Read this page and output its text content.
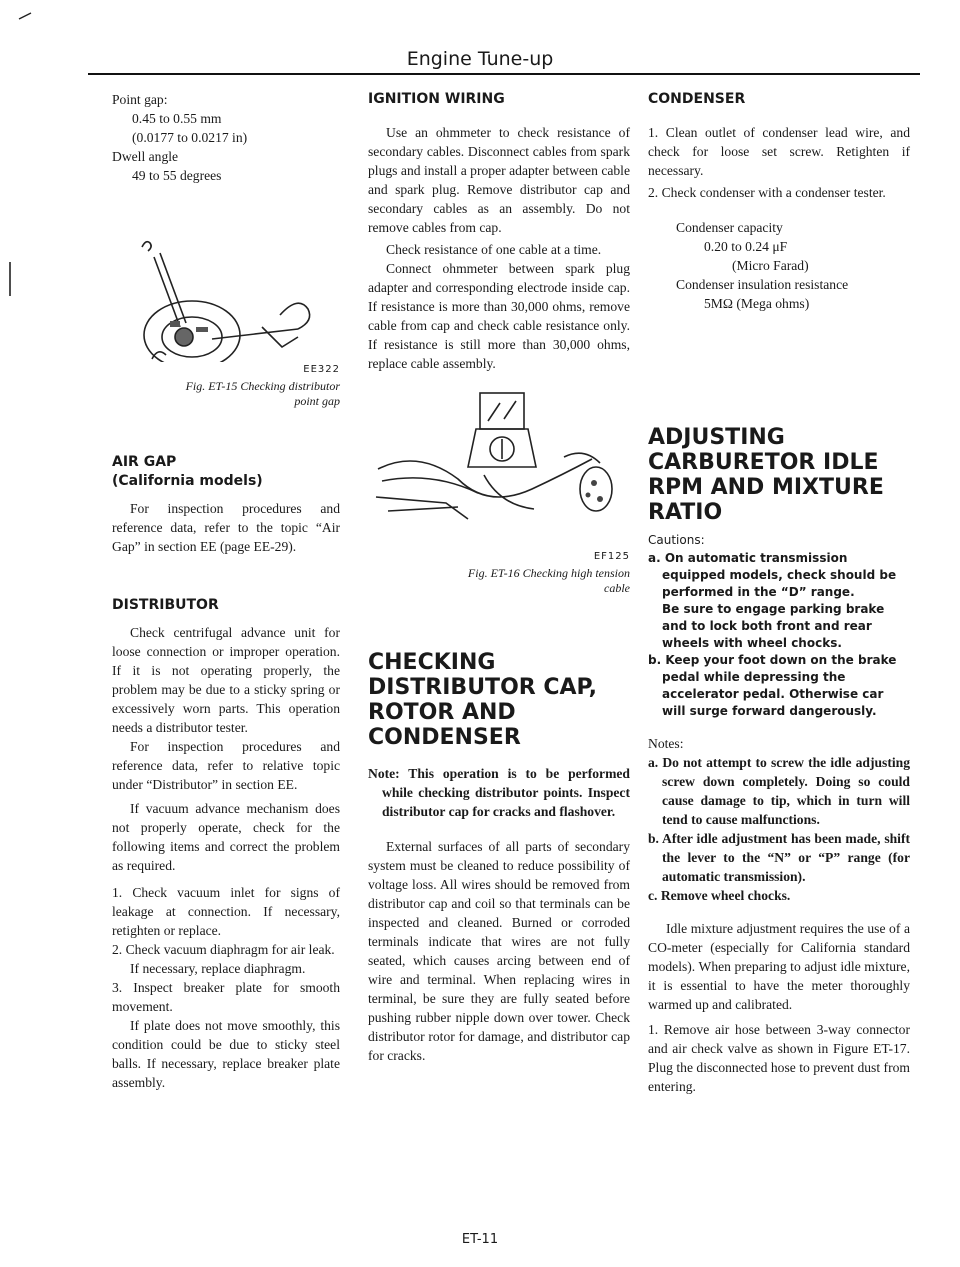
Engine Tune-up
Point gap:
0.45 to 0.55 mm
(0.0177 to 0.0217 in)
Dwell angle
49 to 55 degrees
EE322
Fig. ET-15 Checking distributor
point gap
AIR GAP
(California models)

For inspection procedures and reference data, refer to the topic “Air Gap” in section EE (page EE-29).

DISTRIBUTOR

Check centrifugal advance unit for loose connection or improper operation. If it is not operating properly, the problem may be due to a sticky spring or excessively worn parts. This operation needs a distributor tester.

For inspection procedures and reference data, refer to relative topic under “Distributor” in section EE.

If vacuum advance mechanism does not properly operate, check for the following items and correct the problem as required.

1. Check vacuum inlet for signs of leakage at connection. If necessary, retighten or replace.

2. Check vacuum diaphragm for air leak.

If necessary, replace diaphragm.

3. Inspect breaker plate for smooth movement.

If plate does not move smoothly, this condition could be due to sticky steel balls. If necessary, replace breaker plate assembly.

IGNITION WIRING

Use an ohmmeter to check resistance of secondary cables. Disconnect cables from spark plugs and install a proper adapter between cable and spark plug. Remove distributor cap and secondary cables as an assembly. Do not remove cables from cap.

Check resistance of one cable at a time.

Connect ohmmeter between spark plug adapter and corresponding electrode inside cap. If resistance is more than 30,000 ohms, remove cable from cap and check cable resistance only. If resistance is still more than 30,000 ohms, replace cable assembly.

EF125
Fig. ET-16 Checking high tension
cable
CHECKING
DISTRIBUTOR CAP,
ROTOR AND
CONDENSER

Note: This operation is to be performed while checking distributor points. Inspect distributor cap for cracks and flashover.

External surfaces of all parts of secondary system must be cleaned to reduce possibility of voltage loss. All wires should be removed from distributor cap and coil so that terminals can be inspected and cleaned. Burned or corroded terminals indicate that wires are not fully seated, which causes arcing between end of wire and terminal. When replacing wires in terminal, be sure they are fully seated before pushing rubber nipple down over tower. Check distributor rotor for damage, and distributor cap for cracks.

CONDENSER

1. Clean outlet of condenser lead wire, and check for loose set screw. Retighten if necessary.

2. Check condenser with a condenser tester.

Condenser capacity
0.20 to 0.24 μF
(Micro Farad)
Condenser insulation resistance
5MΩ (Mega ohms)
ADJUSTING
CARBURETOR IDLE
RPM AND MIXTURE
RATIO
Cautions:
a. On automatic transmission equipped models, check should be performed in the “D” range.
Be sure to engage parking brake and to lock both front and rear wheels with wheel chocks.
b. Keep your foot down on the brake pedal while depressing the accelerator pedal. Otherwise car will surge forward dangerously.
Notes:

a. Do not attempt to screw the idle adjusting screw down completely. Doing so could cause damage to tip, which in turn will tend to cause malfunctions.

b. After idle adjustment has been made, shift the lever to the “N” or “P” range (for automatic transmission).

c. Remove wheel chocks.

Idle mixture adjustment requires the use of a CO-meter (especially for California standard models). When preparing to adjust idle mixture, it is essential to have the meter thoroughly warmed up and calibrated.

1. Remove air hose between 3-way connector and air check valve as shown in Figure ET-17. Plug the disconnected hose to prevent dust from entering.

ET-11
